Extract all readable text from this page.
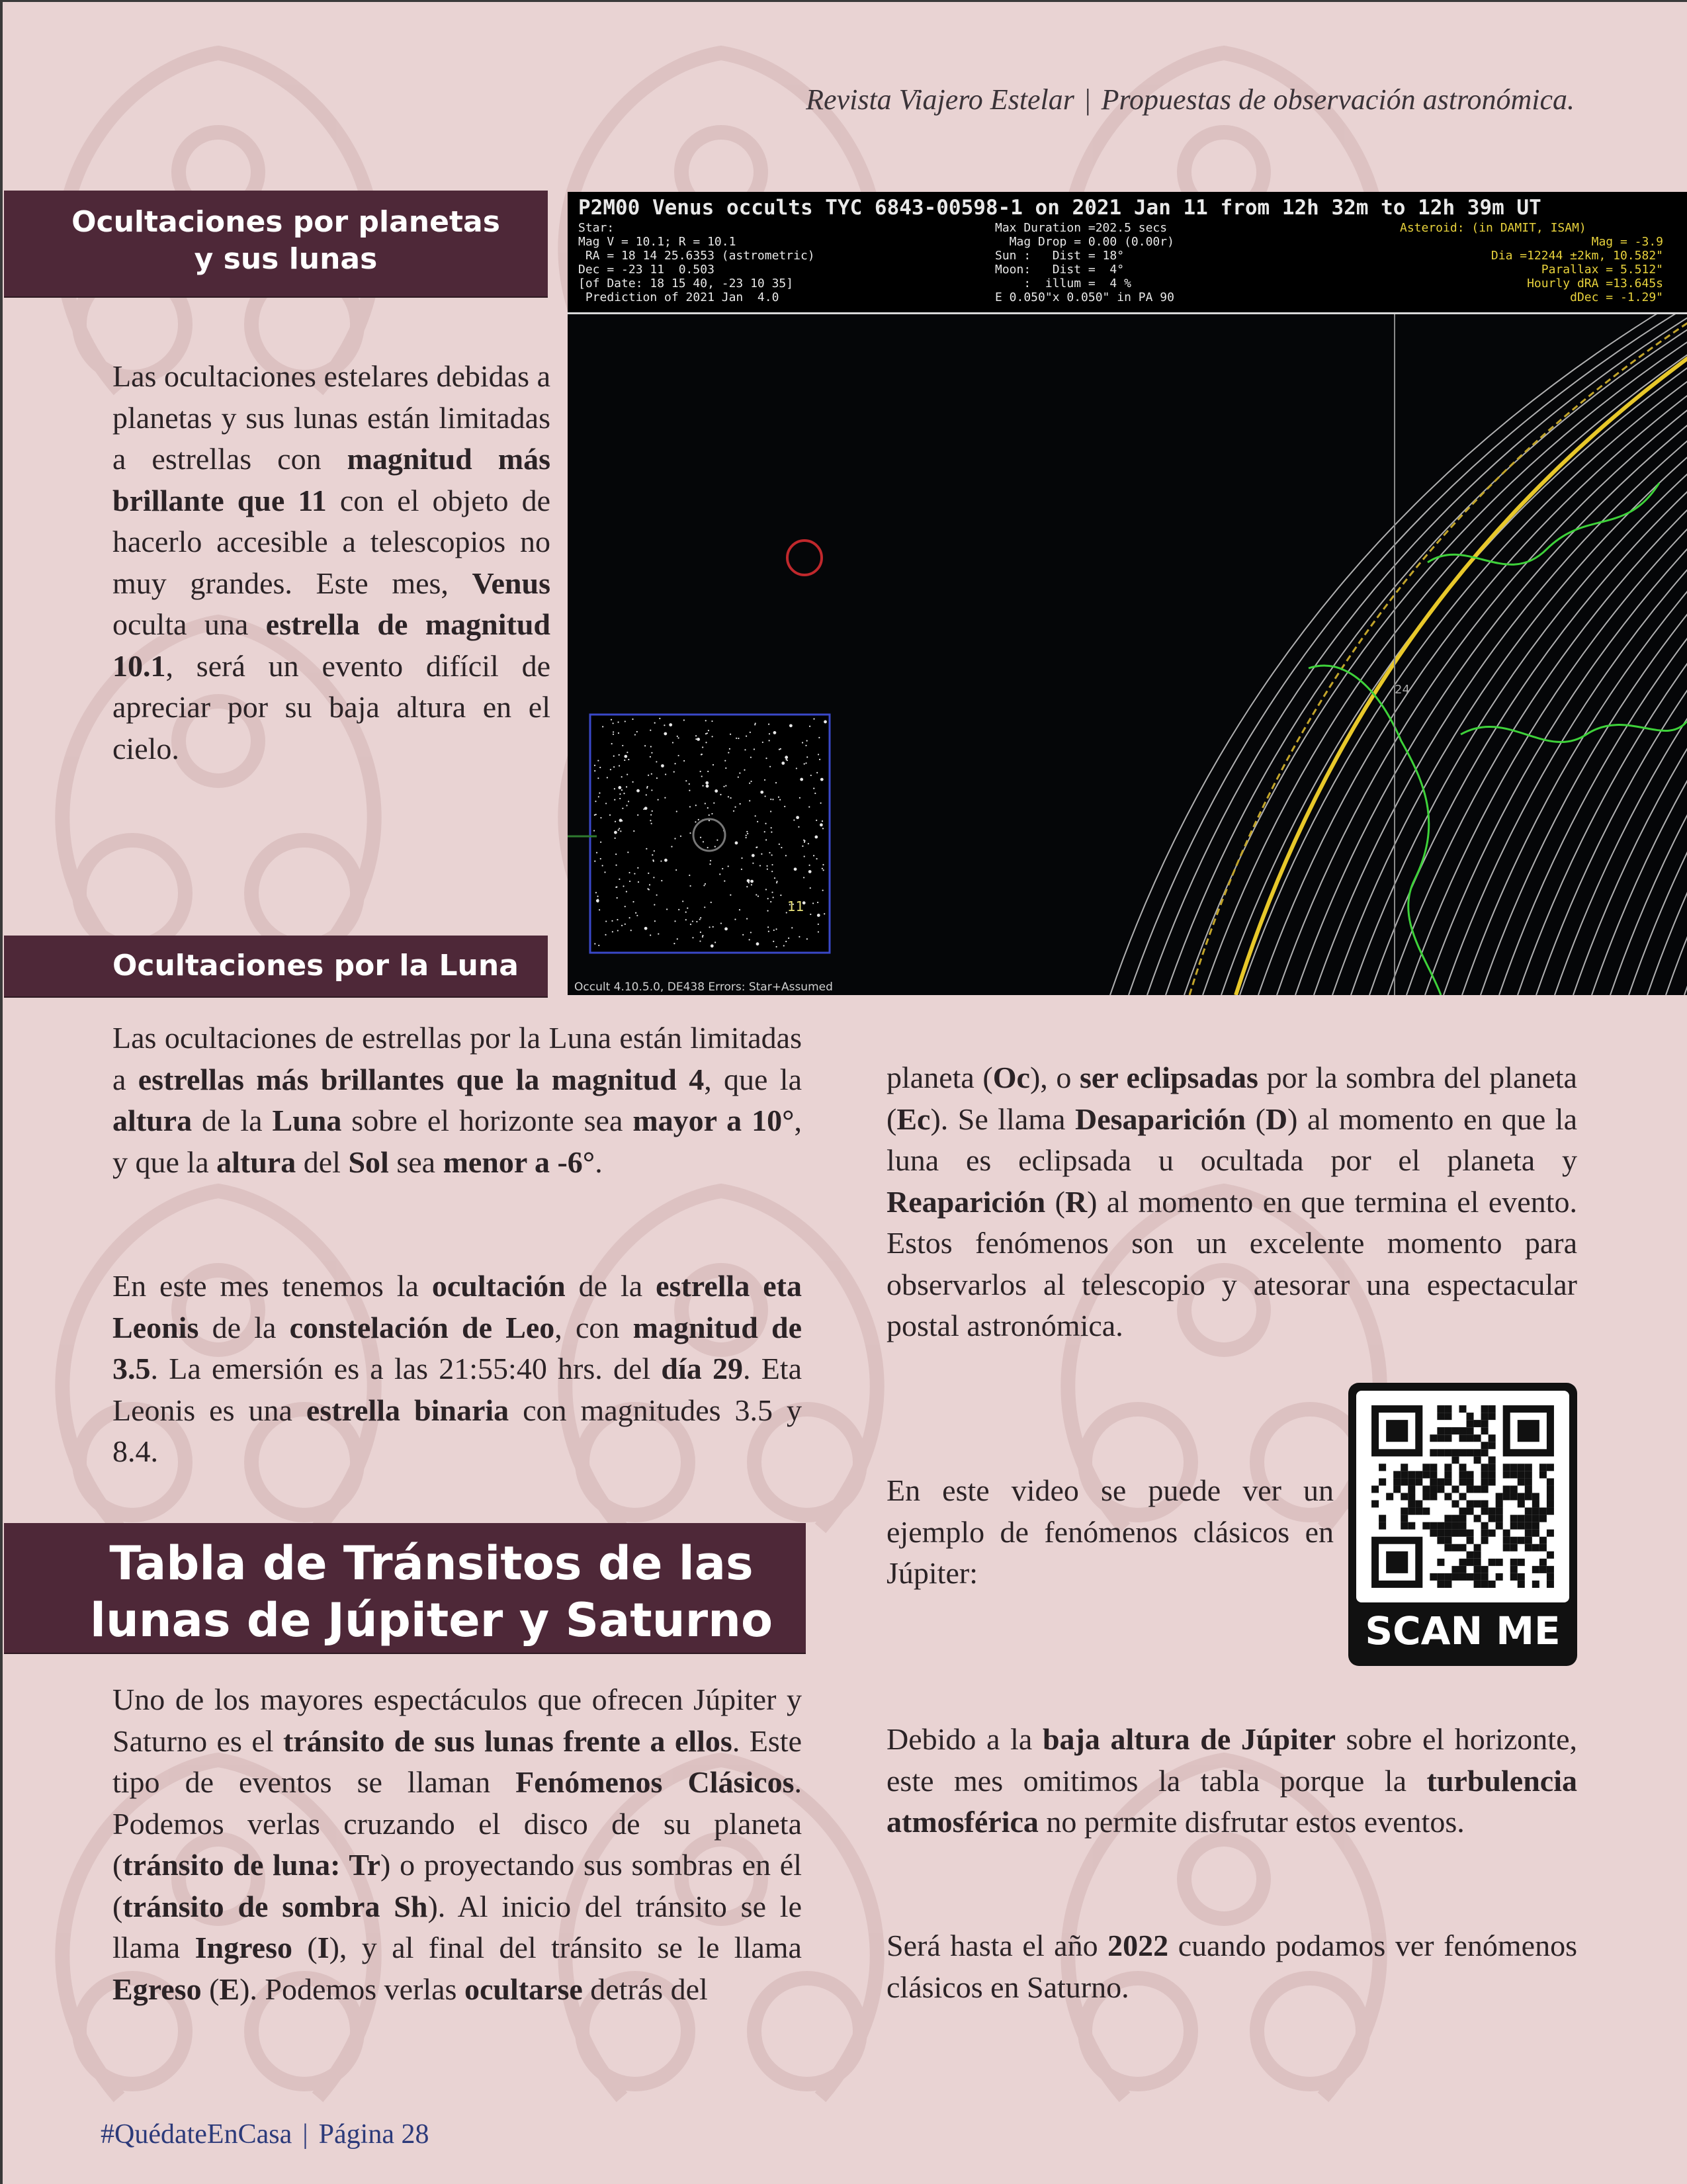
Revista Viajero Estelar | Propuestas de observación astronómica.
Ocultaciones por planetas y sus lunas
Las ocultaciones estelares debidas a planetas y sus lunas están limitadas a estrellas con magnitud más brillante que 11 con el objeto de hacerlo accesible a telescopios no muy grandes. Este mes, Venus oculta una estrella de magnitud 10.1, será un evento difícil de apreciar por su baja altura en el cielo.
11
24
P2M00 Venus occults TYC 6843-00598-1 on 2021 Jan 11 from 12h 32m to 12h 39m UT
Star:
Mag V = 10.1; R = 10.1
RA = 18 14 25.6353 (astrometric)
Dec = -23 11  0.503
[of Date: 18 15 40, -23 10 35]
Prediction of 2021 Jan  4.0
Max Duration =202.5 secs
Mag Drop = 0.00 (0.00r)
Sun :   Dist = 18°
Moon:   Dist =  4°
:  illum =  4 %
E 0.050"x 0.050" in PA 90
Asteroid: (in DAMIT, ISAM)
Mag = -3.9
Dia =12244 ±2km, 10.582"
Parallax = 5.512"
Hourly dRA =13.645s
dDec = -1.29"
Occult 4.10.5.0, DE438 Errors: Star+Assumed
Ocultaciones por la Luna
Las ocultaciones de estrellas por la Luna están limitadas a estrellas más brillantes que la magnitud 4, que la altura de la Luna sobre el horizonte sea mayor a 10°, y que la altura del Sol sea menor a -6°.
En este mes tenemos la ocultación de la estrella eta Leonis de la constelación de Leo, con magnitud de 3.5. La emersión es a las 21:55:40 hrs. del día 29. Eta Leonis es una estrella binaria con magnitudes 3.5 y 8.4.
Tabla de Tránsitos de las
lunas de Júpiter y Saturno
Uno de los mayores espectáculos que ofrecen Júpiter y Saturno es el tránsito de sus lunas frente a ellos. Este tipo de eventos se llaman Fenómenos Clásicos. Podemos verlas cruzando el disco de su planeta (tránsito de luna: Tr) o proyectando sus sombras en él (tránsito de sombra Sh). Al inicio del tránsito se le llama Ingreso (I), y al final del tránsito se le llama Egreso (E). Podemos verlas ocultarse detrás del
planeta (Oc), o ser eclipsadas por la sombra del planeta (Ec). Se llama Desaparición (D) al momento en que la luna es eclipsada u ocultada por el planeta y Reaparición (R) al momento en que termina el evento. Estos fenómenos son un excelente momento para observarlos al telescopio y atesorar una espectacular postal astronómica.
En este video se puede ver un ejemplo de fenómenos clásicos en Júpiter:
SCAN ME
Debido a la baja altura de Júpiter sobre el horizonte, este mes omitimos la tabla porque la turbulencia atmosférica no permite disfrutar estos eventos.
Será hasta el año 2022 cuando podamos ver fenómenos clásicos en Saturno.
#QuédateEnCasa | Página 28
